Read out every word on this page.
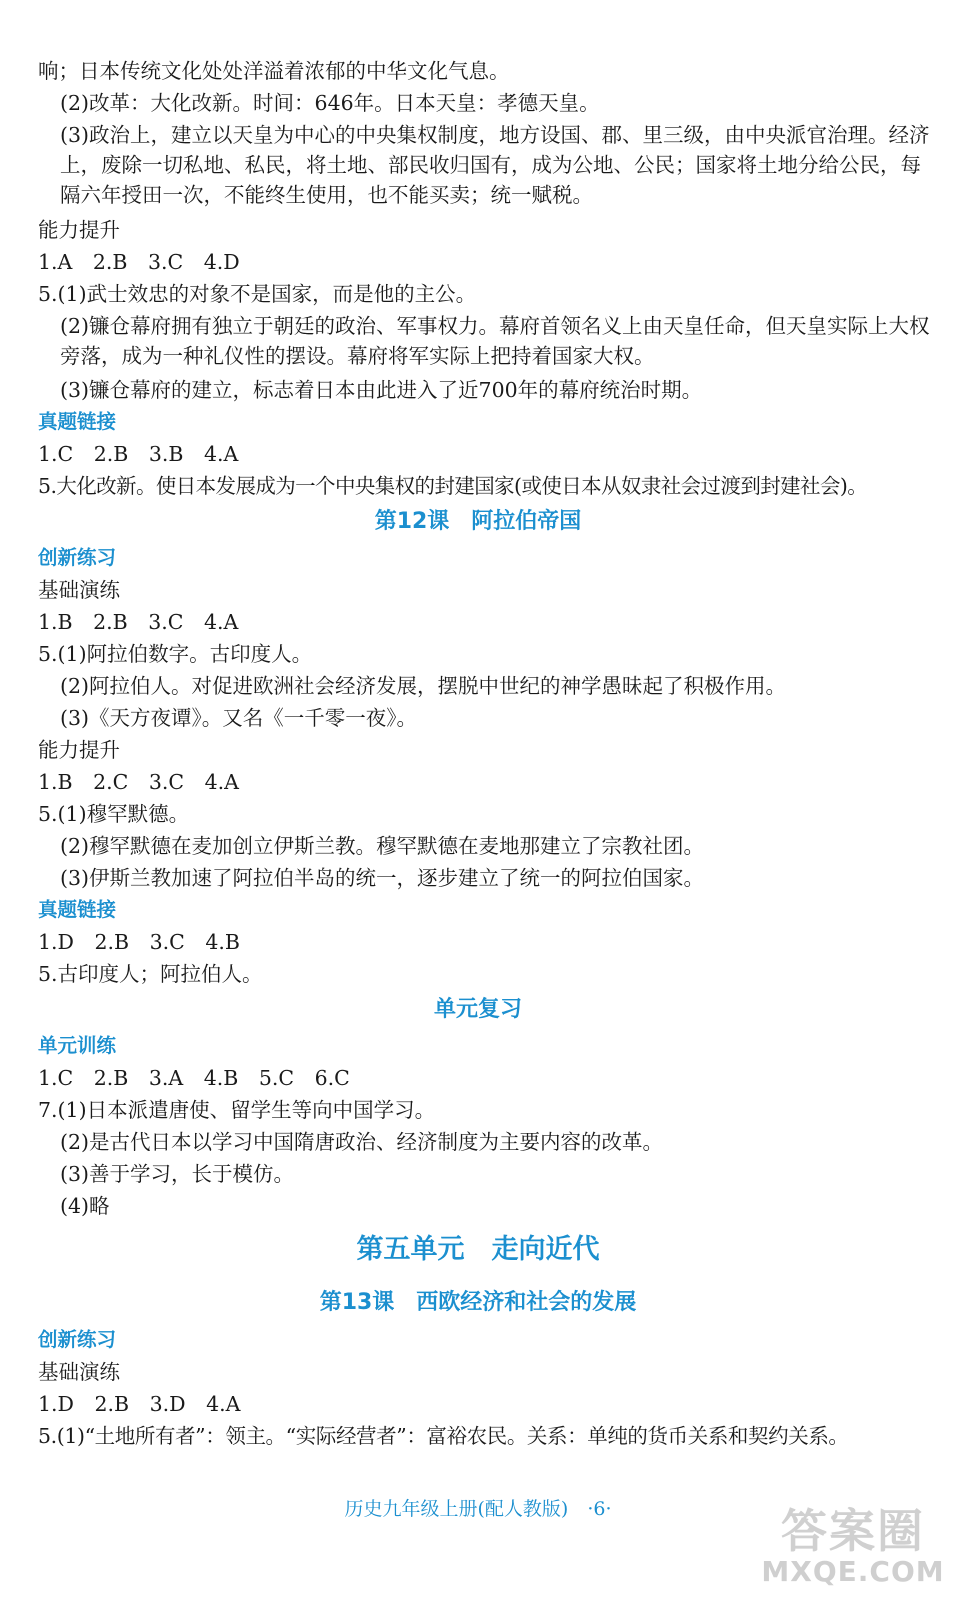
响；日本传统文化处处洋溢着浓郁的中华文化气息。
(2)改革：大化改新。时间：646年。日本天皇：孝德天皇。
(3)政治上，建立以天皇为中心的中央集权制度，地方设国、郡、里三级，由中央派官治理。经济上，废除一切私地、私民，将土地、部民收归国有，成为公地、公民；国家将土地分给公民，每隔六年授田一次，不能终生使用，也不能买卖；统一赋税。
能力提升
1.A　2.B　3.C　4.D
5.(1)武士效忠的对象不是国家，而是他的主公。
(2)镰仓幕府拥有独立于朝廷的政治、军事权力。幕府首领名义上由天皇任命，但天皇实际上大权旁落，成为一种礼仪性的摆设。幕府将军实际上把持着国家大权。
(3)镰仓幕府的建立，标志着日本由此进入了近700年的幕府统治时期。
真题链接
1.C　2.B　3.B　4.A
5.大化改新。使日本发展成为一个中央集权的封建国家(或使日本从奴隶社会过渡到封建社会)。
第12课　阿拉伯帝国
创新练习
基础演练
1.B　2.B　3.C　4.A
5.(1)阿拉伯数字。古印度人。
(2)阿拉伯人。对促进欧洲社会经济发展，摆脱中世纪的神学愚昧起了积极作用。
(3)《天方夜谭》。又名《一千零一夜》。
能力提升
1.B　2.C　3.C　4.A
5.(1)穆罕默德。
(2)穆罕默德在麦加创立伊斯兰教。穆罕默德在麦地那建立了宗教社团。
(3)伊斯兰教加速了阿拉伯半岛的统一，逐步建立了统一的阿拉伯国家。
真题链接
1.D　2.B　3.C　4.B
5.古印度人；阿拉伯人。
单元复习
单元训练
1.C　2.B　3.A　4.B　5.C　6.C
7.(1)日本派遣唐使、留学生等向中国学习。
(2)是古代日本以学习中国隋唐政治、经济制度为主要内容的改革。
(3)善于学习，长于模仿。
(4)略
第五单元　走向近代
第13课　西欧经济和社会的发展
创新练习
基础演练
1.D　2.B　3.D　4.A
5.(1)“土地所有者”：领主。“实际经营者”：富裕农民。关系：单纯的货币关系和契约关系。
历史九年级上册(配人教版)　·6·	答案圈
MXQE.COM
